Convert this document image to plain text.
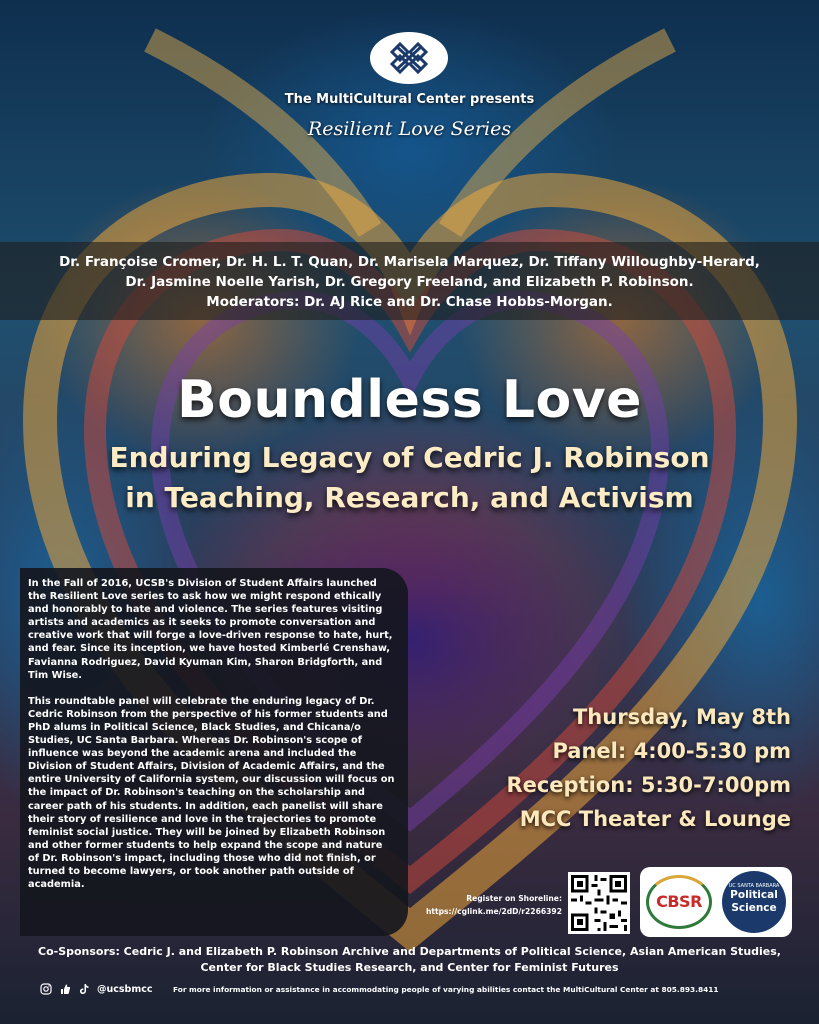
The MultiCultural Center presents
Resilient Love Series
Dr. Françoise Cromer, Dr. H. L. T. Quan, Dr. Marisela Marquez, Dr. Tiffany Willoughby-Herard,
Dr. Jasmine Noelle Yarish, Dr. Gregory Freeland, and Elizabeth P. Robinson.
Moderators: Dr. AJ Rice and Dr. Chase Hobbs-Morgan.
Boundless Love
Enduring Legacy of Cedric J. Robinson
in Teaching, Research, and Activism

In the Fall of 2016, UCSB's Division of Student Affairs launched the Resilient Love series to ask how we might respond ethically and honorably to hate and violence. The series features visiting artists and academics as it seeks to promote conversation and creative work that will forge a love-driven response to hate, hurt, and fear. Since its inception, we have hosted Kimberlé Crenshaw, Favianna Rodriguez, David Kyuman Kim, Sharon Bridgforth, and Tim Wise.

This roundtable panel will celebrate the enduring legacy of Dr. Cedric Robinson from the perspective of his former students and PhD alums in Political Science, Black Studies, and Chicana/o Studies, UC Santa Barbara. Whereas Dr. Robinson's scope of influence was beyond the academic arena and included the Division of Student Affairs, Division of Academic Affairs, and the entire University of California system, our discussion will focus on the impact of Dr. Robinson's teaching on the scholarship and career path of his students. In addition, each panelist will share their story of resilience and love in the trajectories to promote feminist social justice. They will be joined by Elizabeth Robinson and other former students to help expand the scope and nature of Dr. Robinson's impact, including those who did not finish, or turned to become lawyers, or took another path outside of academia.

Thursday, May 8th
Panel: 4:00-5:30 pm
Reception: 5:30-7:00pm
MCC Theater & Lounge
Register on Shoreline:
https://cglink.me/2dD/r2266392
CBSR
UC SANTA BARBARA
Political
Science
Co-Sponsors: Cedric J. and Elizabeth P. Robinson Archive and Departments of Political Science, Asian American Studies,
Center for Black Studies Research, and Center for Feminist Futures
@ucsbmcc	For more information or assistance in accommodating people of varying abilities contact the MultiCultural Center at 805.893.8411
